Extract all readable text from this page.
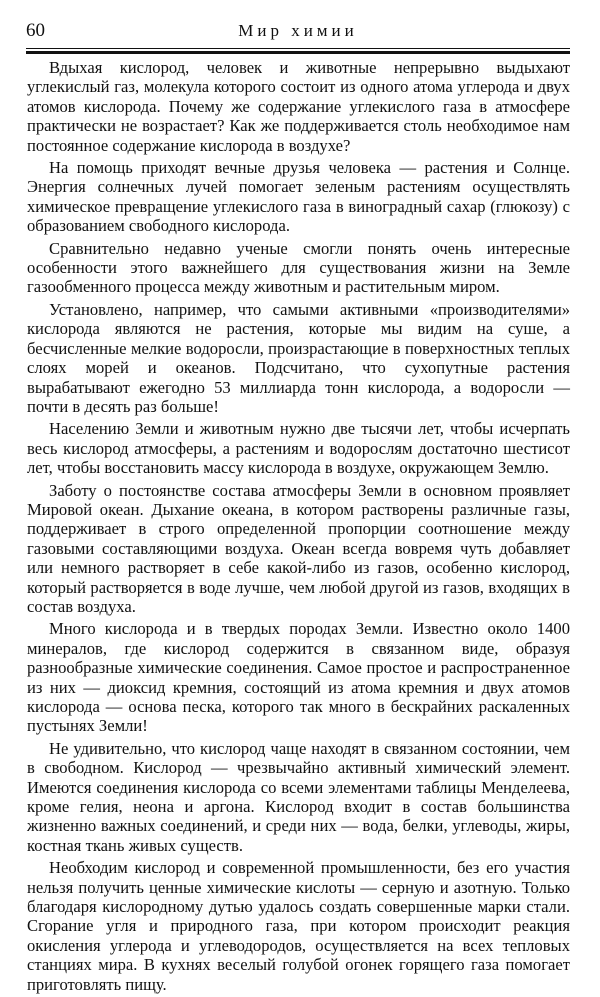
60	Мир химии

Вдыхая кислород, человек и животные непрерывно выдыхают углекислый газ, молекула которого состоит из одного атома углерода и двух атомов кислорода. Почему же содержание углекислого газа в атмосфере практически не возрастает? Как же поддерживается столь необходимое нам постоянное содержание кислорода в воздухе?

На помощь приходят вечные друзья человека — растения и Солнце. Энергия солнечных лучей помогает зеленым растениям осуществлять химическое превращение углекислого газа в виноградный сахар (глюкозу) с образованием свободного кислорода.

Сравнительно недавно ученые смогли понять очень интересные особенности этого важнейшего для существования жизни на Земле газообменного процесса между животным и растительным миром.

Установлено, например, что самыми активными «производителями» кислорода являются не растения, которые мы видим на суше, а бесчисленные мелкие водоросли, произрастающие в поверхностных теплых слоях морей и океанов. Подсчитано, что сухопутные растения вырабатывают ежегодно 53 миллиарда тонн кислорода, а водоросли — почти в десять раз больше!

Населению Земли и животным нужно две тысячи лет, чтобы исчерпать весь кислород атмосферы, а растениям и водорослям достаточно шестисот лет, чтобы восстановить массу кислорода в воздухе, окружающем Землю.

Заботу о постоянстве состава атмосферы Земли в основном проявляет Мировой океан. Дыхание океана, в котором растворены различные газы, поддерживает в строго определенной пропорции соотношение между газовыми составляющими воздуха. Океан всегда вовремя чуть добавляет или немного растворяет в себе какой-либо из газов, особенно кислород, который растворяется в воде лучше, чем любой другой из газов, входящих в состав воздуха.

Много кислорода и в твердых породах Земли. Известно около 1400 минералов, где кислород содержится в связанном виде, образуя разнообразные химические соединения. Самое простое и распространенное из них — диоксид кремния, состоящий из атома кремния и двух атомов кислорода — основа песка, которого так много в бескрайних раскаленных пустынях Земли!

Не удивительно, что кислород чаще находят в связанном состоянии, чем в свободном. Кислород — чрезвычайно активный химический элемент. Имеются соединения кислорода со всеми элементами таблицы Менделеева, кроме гелия, неона и аргона. Кислород входит в состав большинства жизненно важных соединений, и среди них — вода, белки, углеводы, жиры, костная ткань живых существ.

Необходим кислород и современной промышленности, без его участия нельзя получить ценные химические кислоты — серную и азотную. Только благодаря кислородному дутью удалось создать совершенные марки стали. Сгорание угля и природного газа, при котором происходит реакция окисления углерода и углеводородов, осуществляется на всех тепловых станциях мира. В кухнях веселый голубой огонек горящего газа помогает приготовлять пищу.
